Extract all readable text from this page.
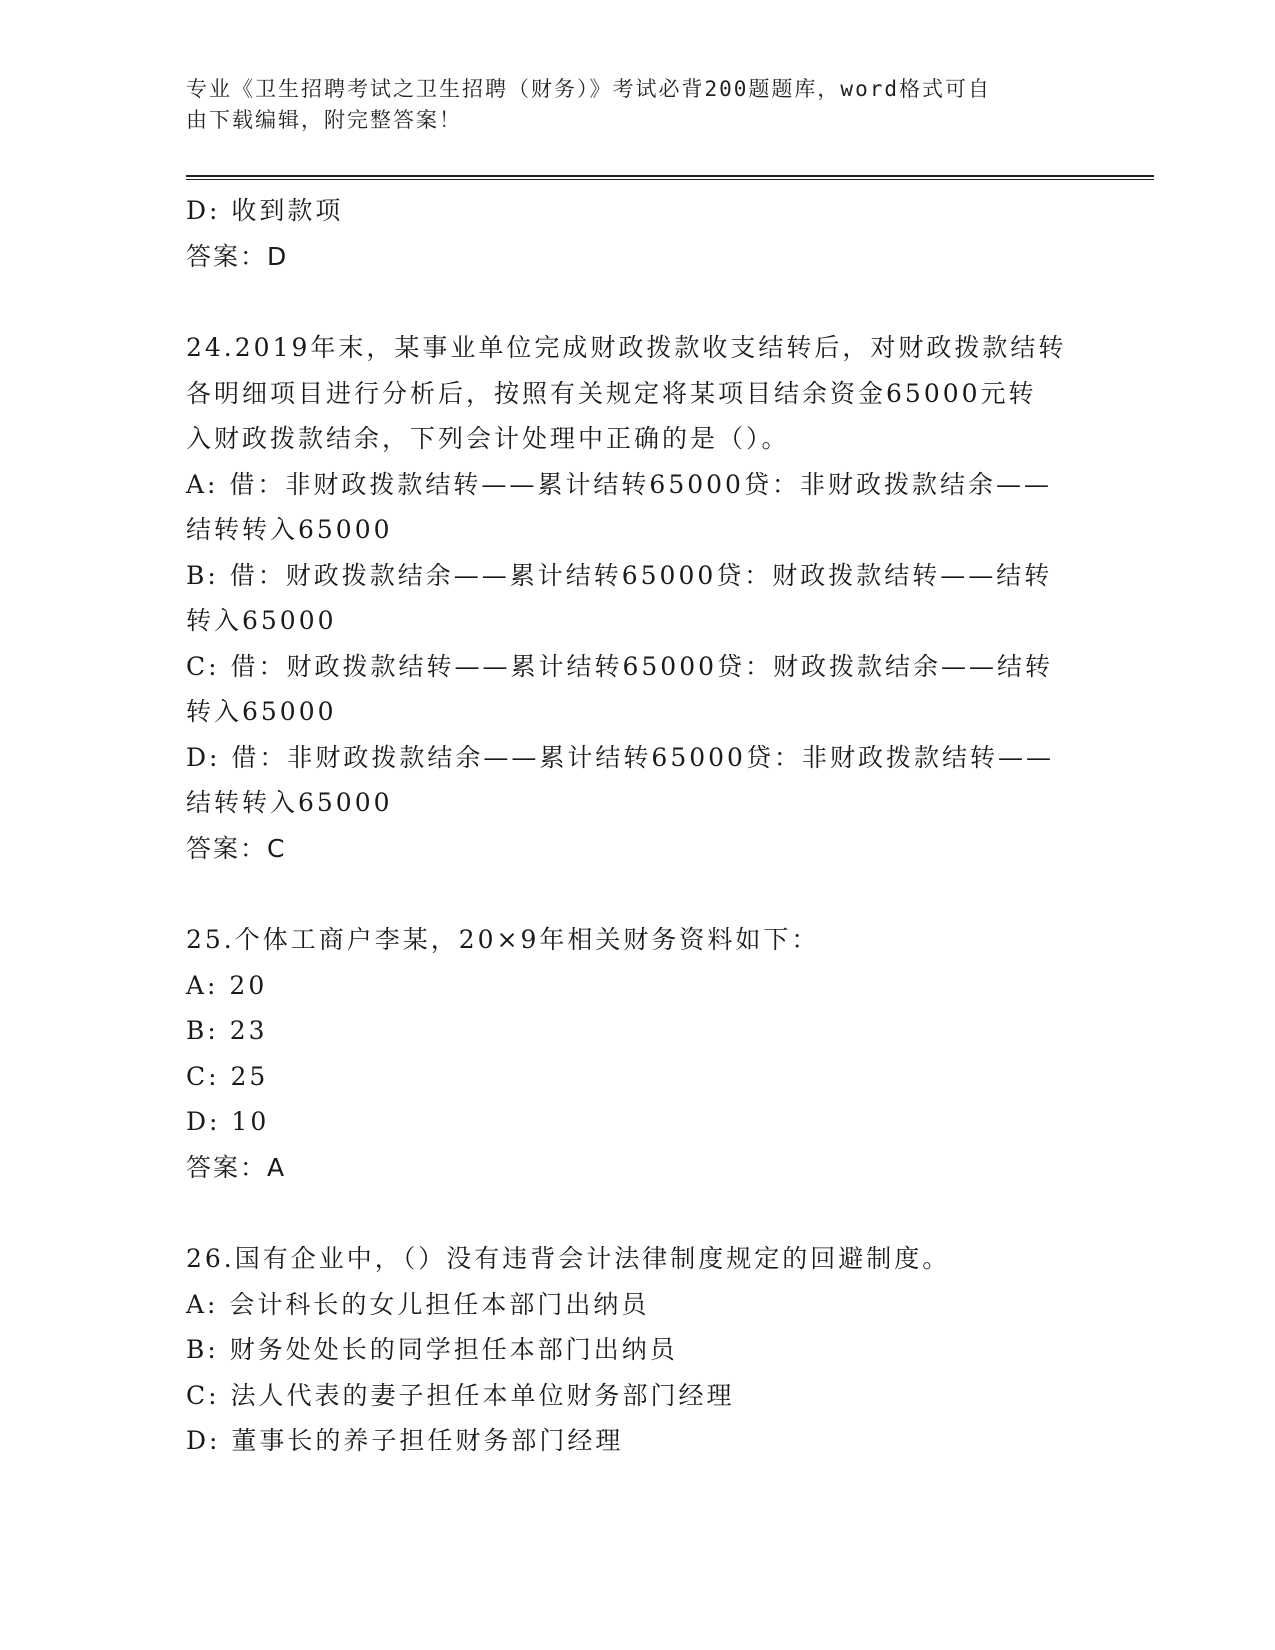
专业《卫生招聘考试之卫生招聘（财务）》考试必背200题题库，word格式可自
由下载编辑，附完整答案！

D: 收到款项

答案：D

24.2019年末，某事业单位完成财政拨款收支结转后，对财政拨款结转

各明细项目进行分析后，按照有关规定将某项目结余资金65000元转

入财政拨款结余，下列会计处理中正确的是（）。

A: 借：非财政拨款结转——累计结转65000贷：非财政拨款结余——

结转转入65000

B: 借：财政拨款结余——累计结转65000贷：财政拨款结转——结转

转入65000

C: 借：财政拨款结转——累计结转65000贷：财政拨款结余——结转

转入65000

D: 借：非财政拨款结余——累计结转65000贷：非财政拨款结转——

结转转入65000

答案：C

25.个体工商户李某，20×9年相关财务资料如下：

A: 20

B: 23

C: 25

D: 10

答案：A

26.国有企业中，（）没有违背会计法律制度规定的回避制度。

A: 会计科长的女儿担任本部门出纳员

B: 财务处处长的同学担任本部门出纳员

C: 法人代表的妻子担任本单位财务部门经理

D: 董事长的养子担任财务部门经理
